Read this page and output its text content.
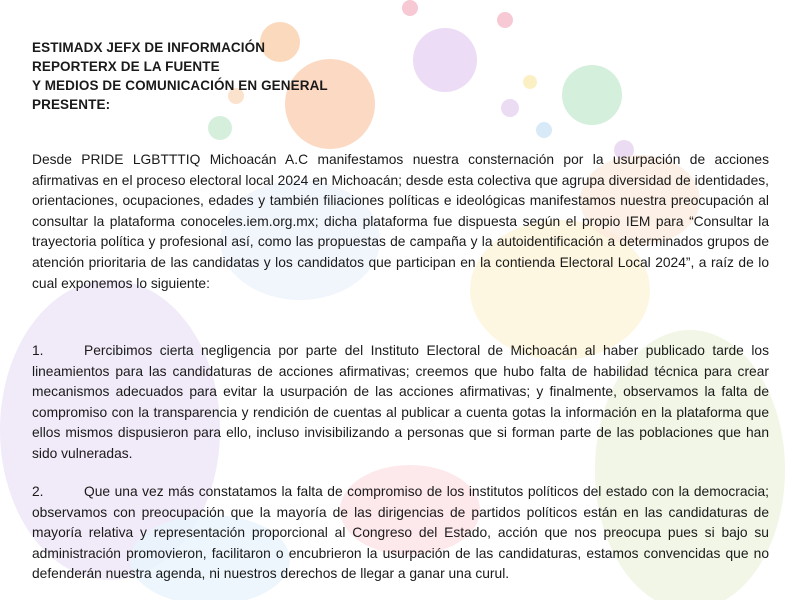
ESTIMADX JEFX DE INFORMACIÓN
REPORTERX DE LA FUENTE
Y MEDIOS DE COMUNICACIÓN EN GENERAL
PRESENTE:
Desde PRIDE LGBTTTIQ Michoacán A.C manifestamos nuestra consternación por la usurpación de acciones afirmativas en el proceso electoral local 2024 en Michoacán; desde esta colectiva que agrupa diversidad de identidades, orientaciones, ocupaciones, edades y también filiaciones políticas e ideológicas manifestamos nuestra preocupación al consultar la plataforma conoceles.iem.org.mx; dicha plataforma fue dispuesta según el propio IEM para “Consultar la trayectoria política y profesional así, como las propuestas de campaña y la autoidentificación a determinados grupos de atención prioritaria de las candidatas y los candidatos que participan en la contienda Electoral Local 2024”, a raíz de lo cual exponemos lo siguiente:
1.	Percibimos cierta negligencia por parte del Instituto Electoral de Michoacán al haber publicado tarde los lineamientos para las candidaturas de acciones afirmativas; creemos que hubo falta de habilidad técnica para crear mecanismos adecuados para evitar la usurpación de las acciones afirmativas; y finalmente, observamos la falta de compromiso con la transparencia y rendición de cuentas al publicar a cuenta gotas la información en la plataforma que ellos mismos dispusieron para ello, incluso invisibilizando a personas que si forman parte de las poblaciones que han sido vulneradas.
2.	Que una vez más constatamos la falta de compromiso de los institutos políticos del estado con la democracia; observamos con preocupación que la mayoría de las dirigencias de partidos políticos están en las candidaturas de mayoría relativa y representación proporcional al Congreso del Estado, acción que nos preocupa pues si bajo su administración promovieron, facilitaron o encubrieron la usurpación de las candidaturas, estamos convencidas que no defenderán nuestra agenda, ni nuestros derechos de llegar a ganar una curul.
